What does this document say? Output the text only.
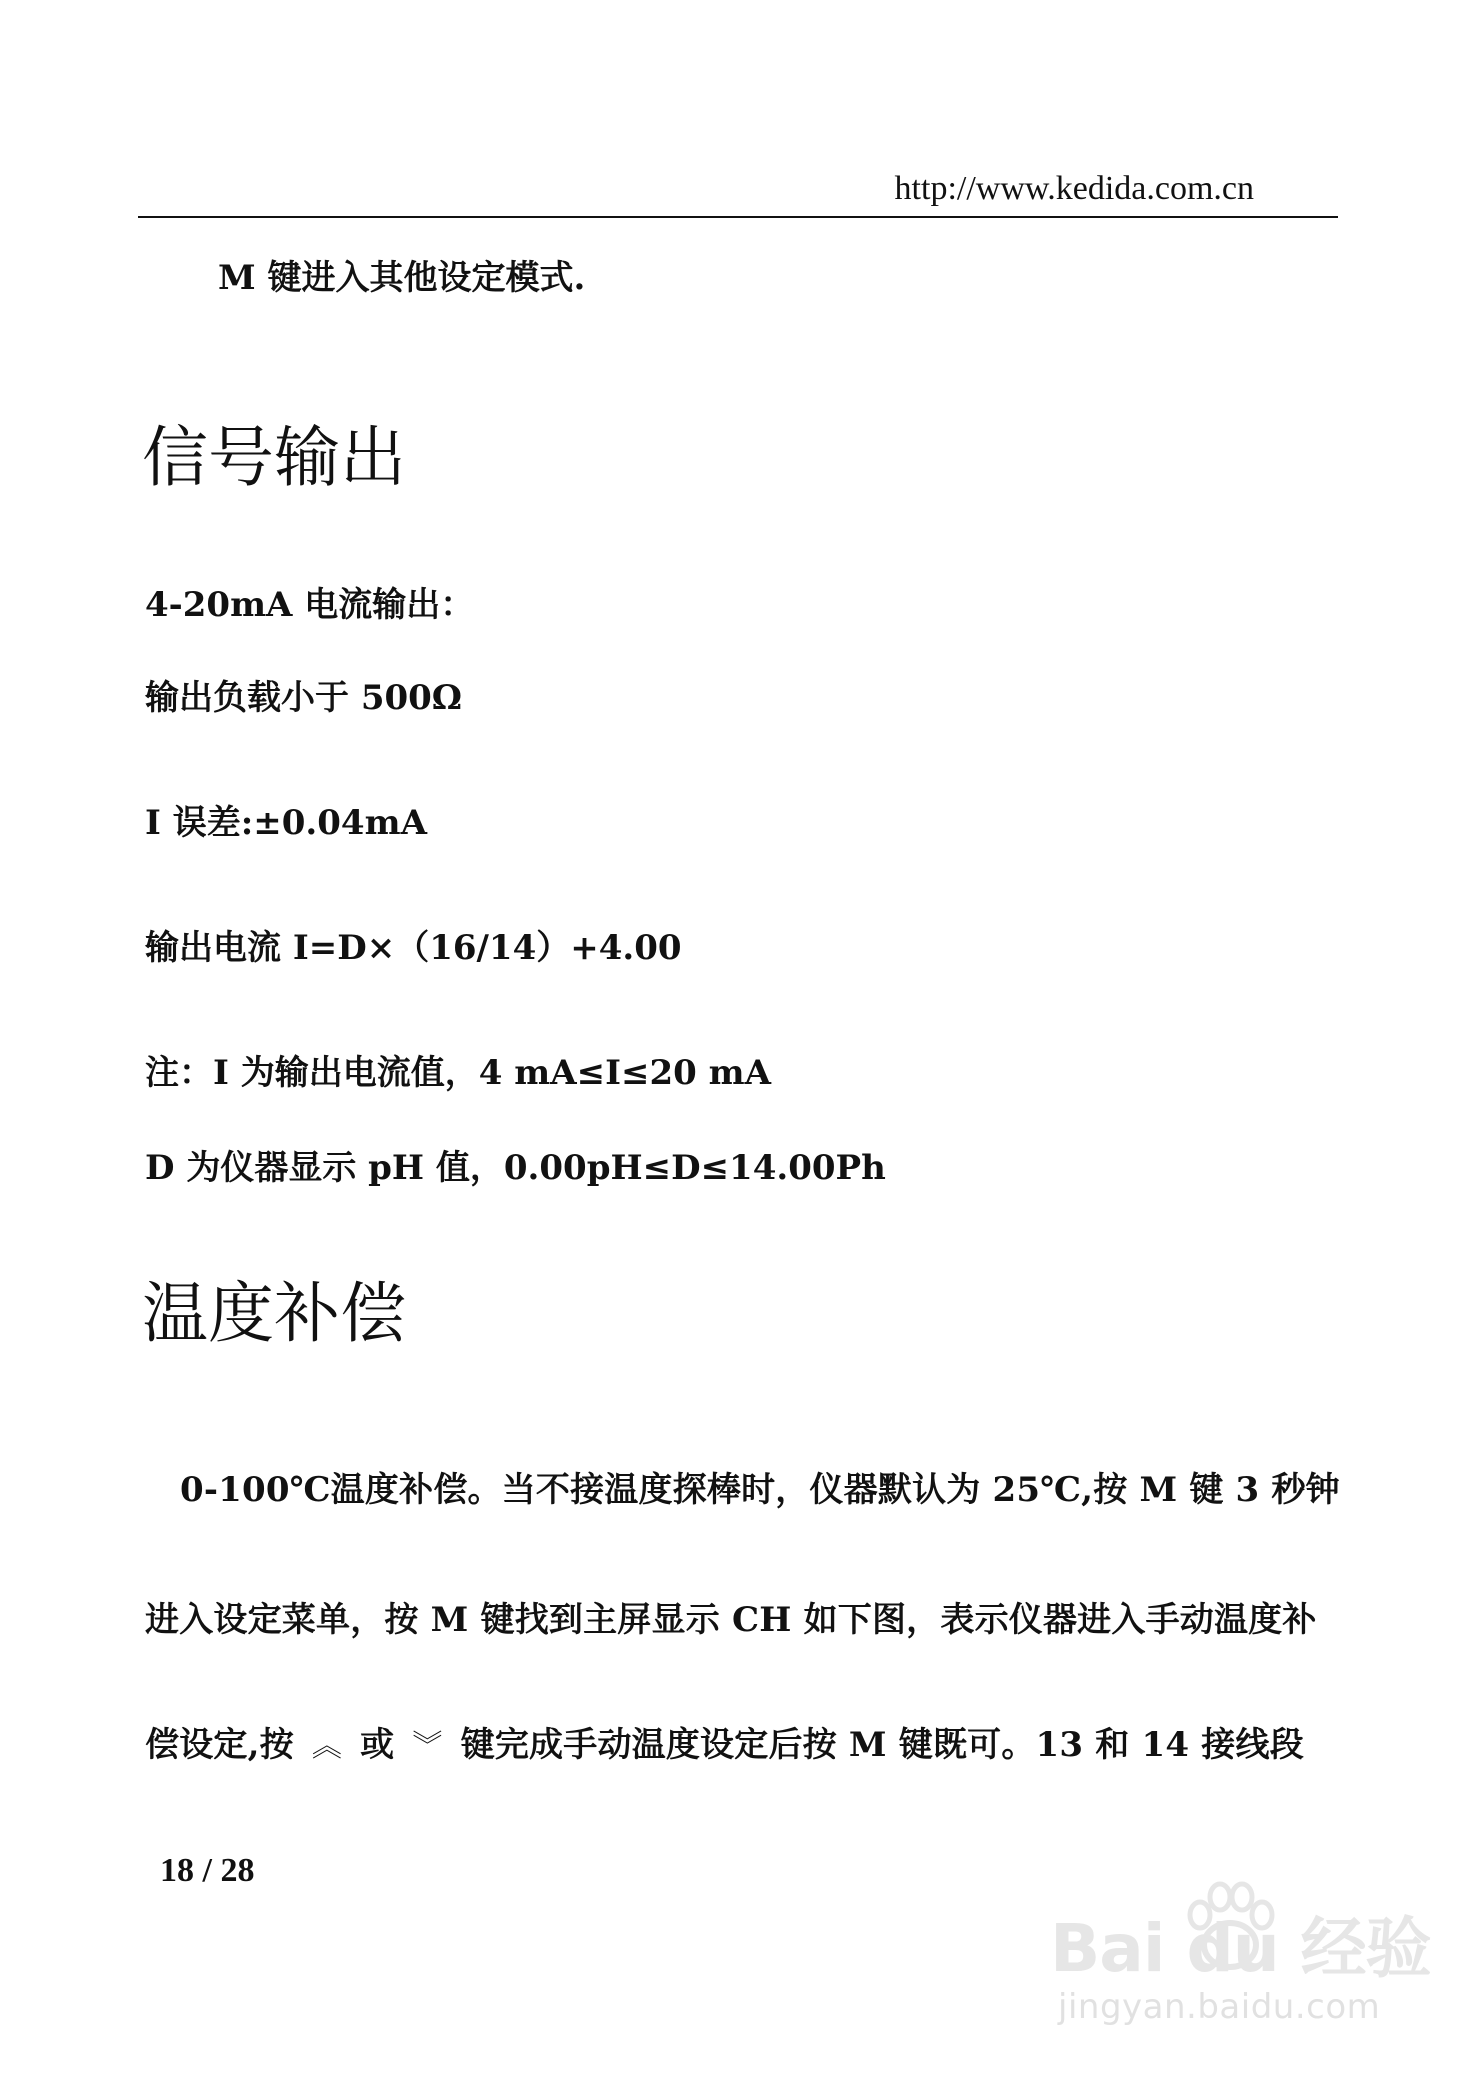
http://www.kedida.com.cn
M 键进入其他设定模式.
信号输出
4-20mA 电流输出：
输出负载小于 500Ω
I 误差:±0.04mA
输出电流 I=D×（16/14）+4.00
注：I 为输出电流值，4 mA≤I≤20 mA
D 为仪器显示 pH 值，0.00pH≤D≤14.00Ph
温度补偿
0-100℃温度补偿。当不接温度探棒时，仪器默认为 25℃,按 M 键 3 秒钟
进入设定菜单，按 M 键找到主屏显示 CH 如下图，表示仪器进入手动温度补
偿设定,按 ︽ 或 ︾ 键完成手动温度设定后按 M 键既可。13 和 14 接线段
18 / 28
Bai du 经验
jingyan.baidu.com
